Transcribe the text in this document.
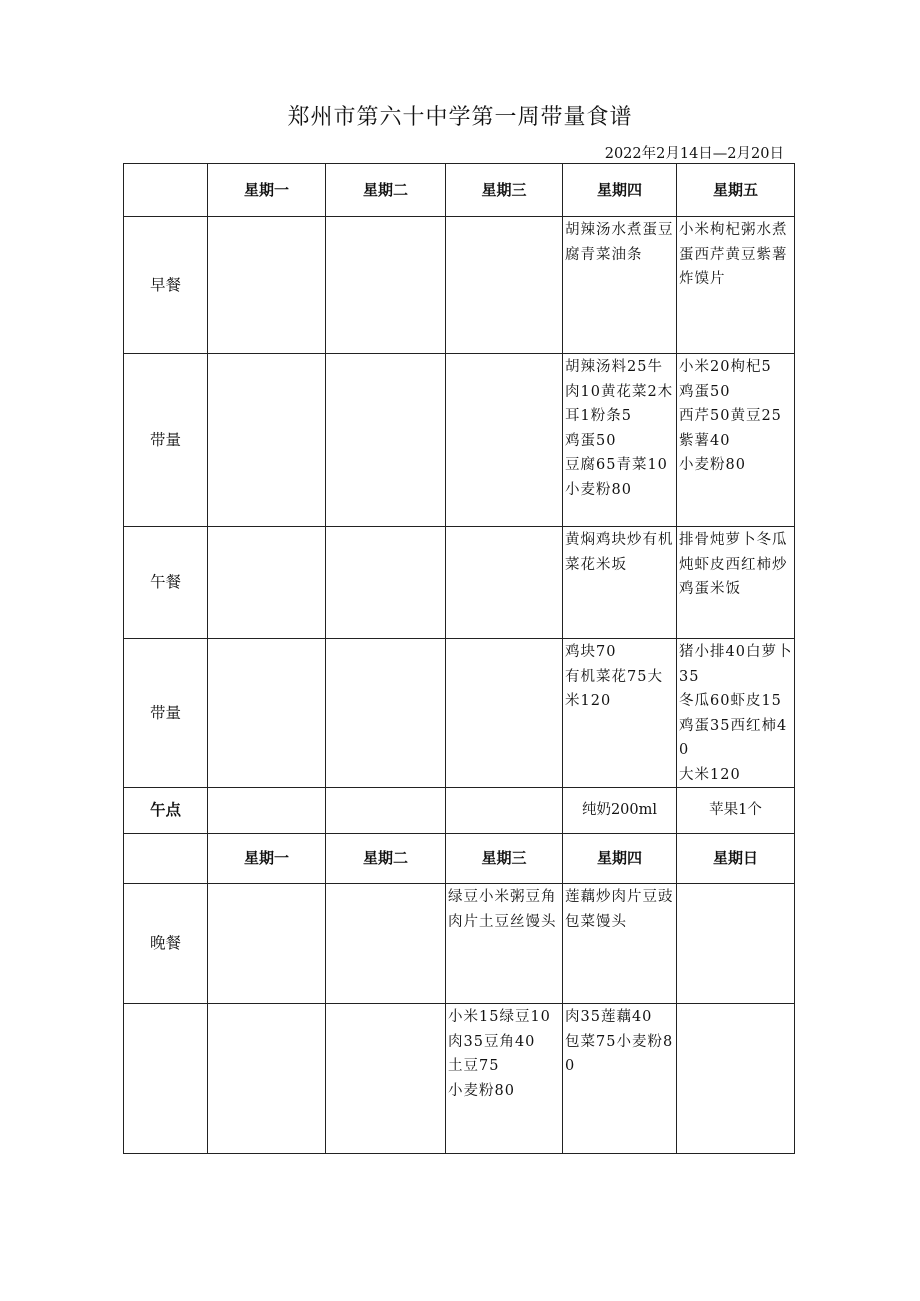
郑州市第六十中学第一周带量食谱
2022年2月14日—2月20日
	星期一	星期二	星期三	星期四	星期五
早餐				胡辣汤水煮蛋豆腐青菜油条	小米枸杞粥水煮蛋西芹黄豆紫薯炸馍片

带量				胡辣汤料25牛肉10黄花菜2木耳1粉条5
鸡蛋50
豆腐65青菜10小麦粉80	小米20枸杞5
鸡蛋50
西芹50黄豆25
紫薯40
小麦粉80

午餐				黄焖鸡块炒有机菜花米坂	排骨炖萝卜冬瓜炖虾皮西红柿炒鸡蛋米饭

带量				鸡块70
有机菜花75大米120	猪小排40白萝卜35
冬瓜60虾皮15鸡蛋35西红柿40
大米120

午点				纯奶200ml	苹果1个
	星期一	星期二	星期三	星期四	星期日
晚餐			绿豆小米粥豆角肉片土豆丝馒头	莲藕炒肉片豆豉包菜馒头	

			小米15绿豆10肉35豆角40
土豆75
小麦粉80	肉35莲藕40
包菜75小麦粉80	
